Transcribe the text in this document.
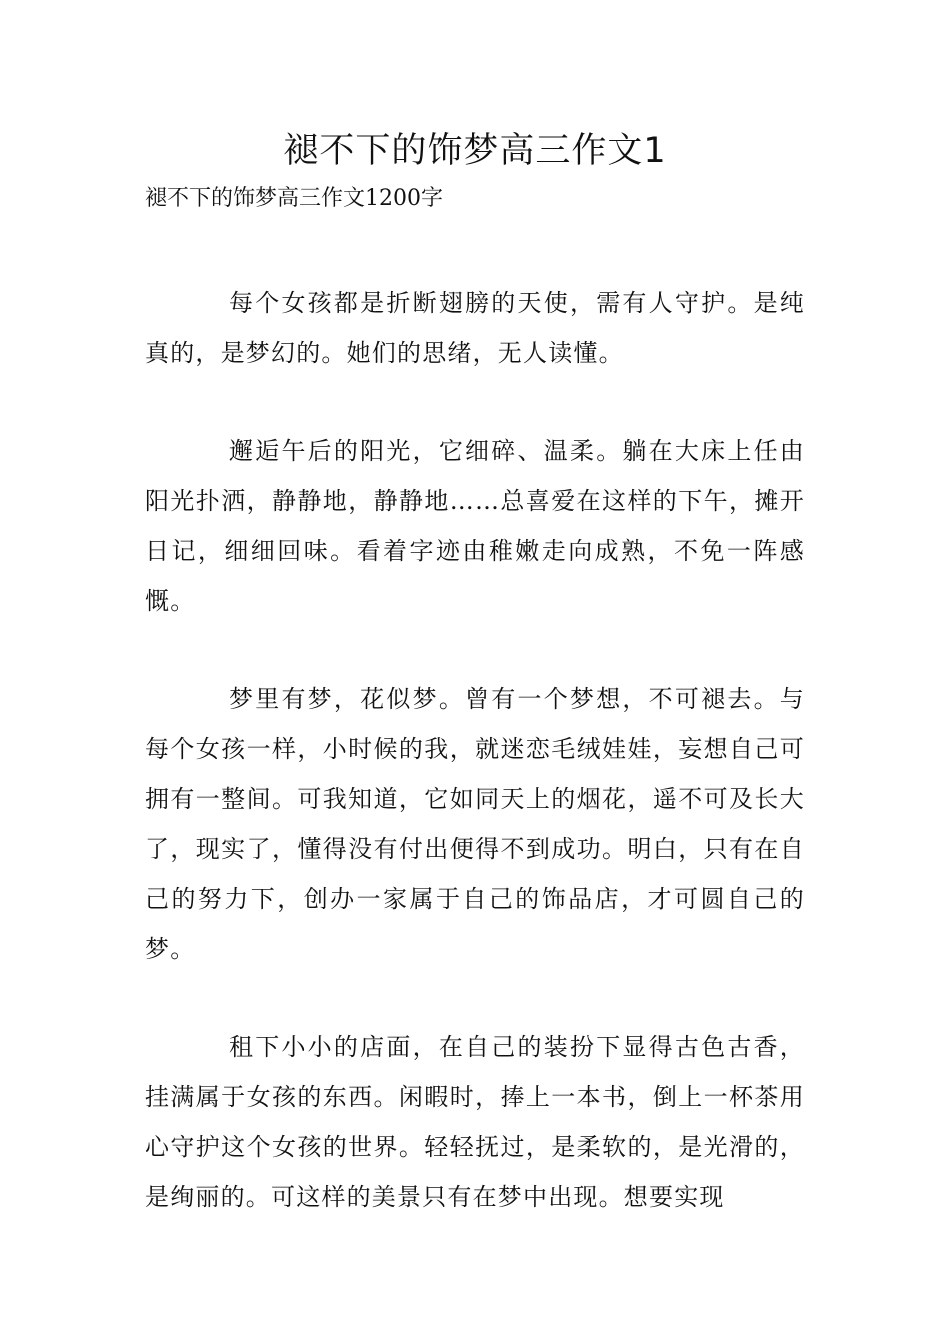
褪不下的饰梦高三作文1

褪不下的饰梦高三作文1200字

每个女孩都是折断翅膀的天使，需有人守护。是纯真的，是梦幻的。她们的思绪，无人读懂。

邂逅午后的阳光，它细碎、温柔。躺在大床上任由阳光扑洒，静静地，静静地……总喜爱在这样的下午，摊开日记，细细回味。看着字迹由稚嫩走向成熟，不免一阵感慨。

梦里有梦，花似梦。曾有一个梦想，不可褪去。与每个女孩一样，小时候的我，就迷恋毛绒娃娃，妄想自己可拥有一整间。可我知道，它如同天上的烟花，遥不可及长大了，现实了，懂得没有付出便得不到成功。明白，只有在自己的努力下，创办一家属于自己的饰品店，才可圆自己的梦。

租下小小的店面，在自己的装扮下显得古色古香，挂满属于女孩的东西。闲暇时，捧上一本书，倒上一杯茶用心守护这个女孩的世界。轻轻抚过，是柔软的，是光滑的，是绚丽的。可这样的美景只有在梦中出现。想要实现
